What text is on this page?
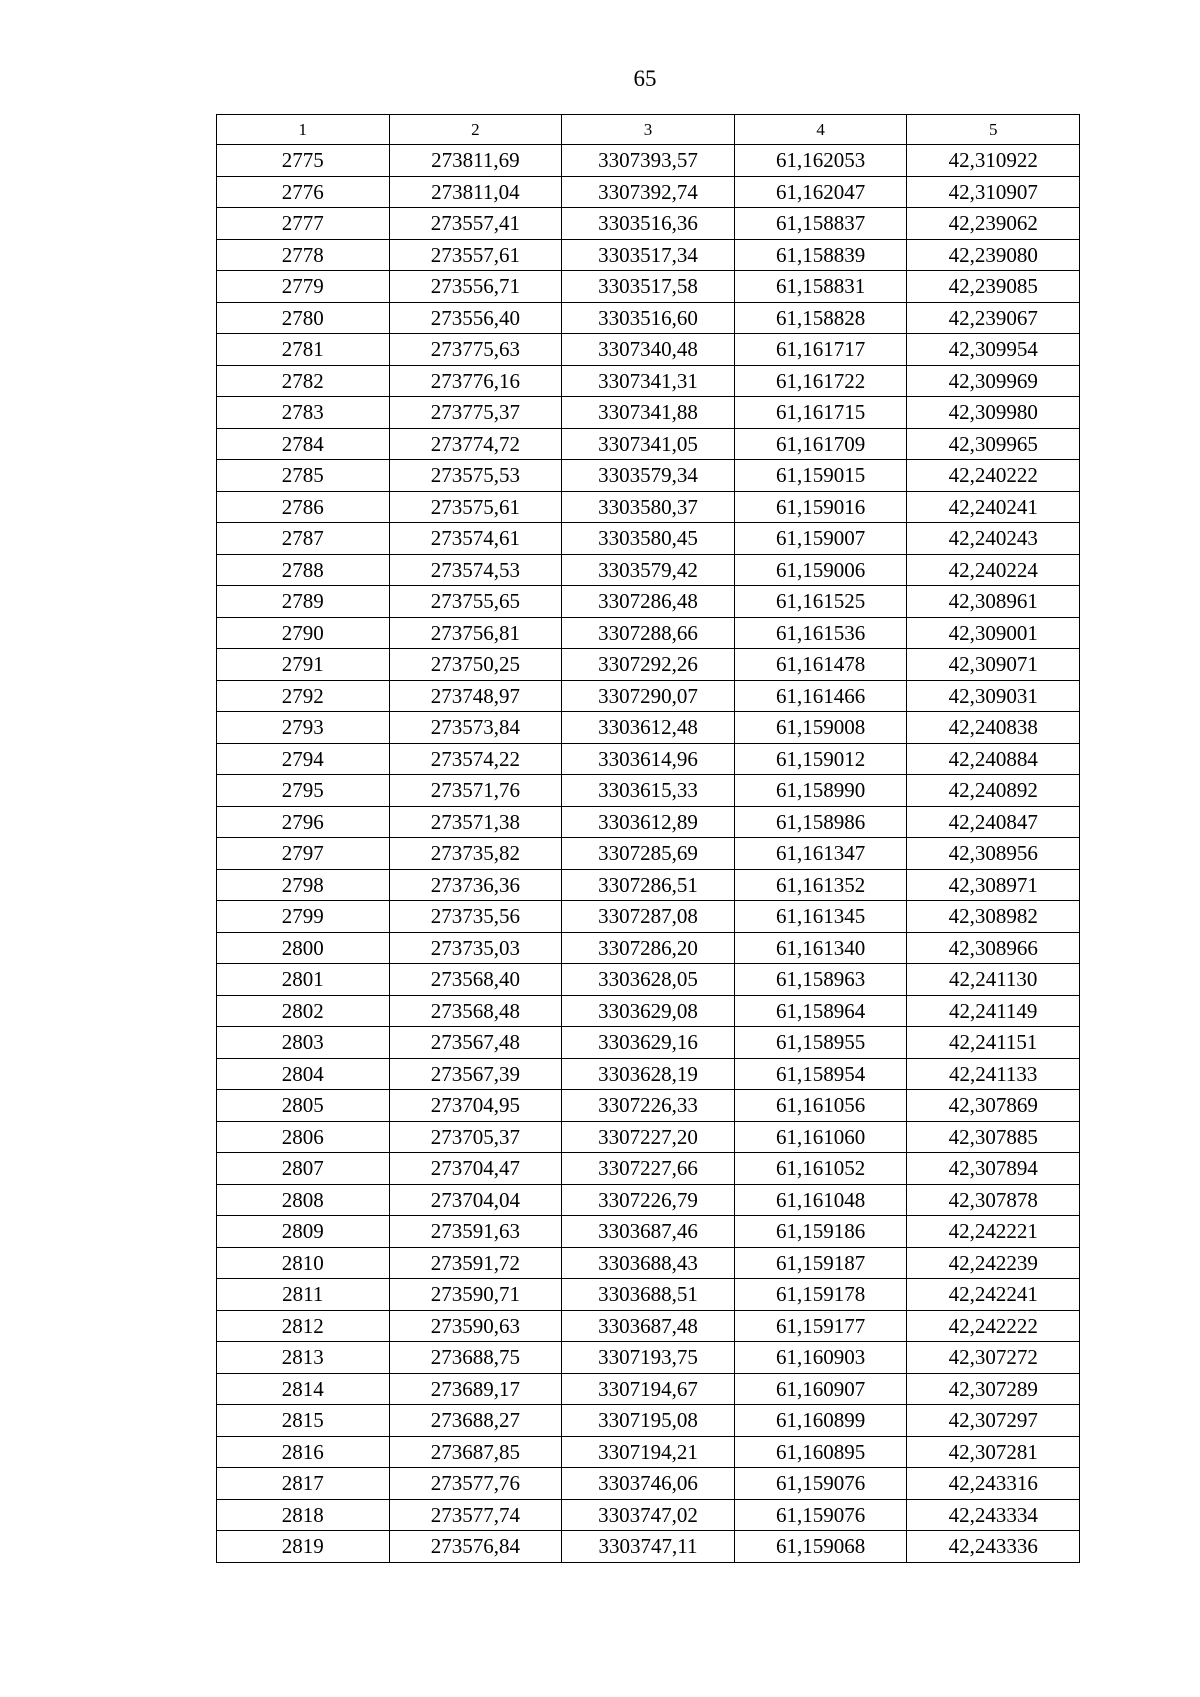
65
1	2	3	4	5
2775	273811,69	3307393,57	61,162053	42,310922
2776	273811,04	3307392,74	61,162047	42,310907
2777	273557,41	3303516,36	61,158837	42,239062
2778	273557,61	3303517,34	61,158839	42,239080
2779	273556,71	3303517,58	61,158831	42,239085
2780	273556,40	3303516,60	61,158828	42,239067
2781	273775,63	3307340,48	61,161717	42,309954
2782	273776,16	3307341,31	61,161722	42,309969
2783	273775,37	3307341,88	61,161715	42,309980
2784	273774,72	3307341,05	61,161709	42,309965
2785	273575,53	3303579,34	61,159015	42,240222
2786	273575,61	3303580,37	61,159016	42,240241
2787	273574,61	3303580,45	61,159007	42,240243
2788	273574,53	3303579,42	61,159006	42,240224
2789	273755,65	3307286,48	61,161525	42,308961
2790	273756,81	3307288,66	61,161536	42,309001
2791	273750,25	3307292,26	61,161478	42,309071
2792	273748,97	3307290,07	61,161466	42,309031
2793	273573,84	3303612,48	61,159008	42,240838
2794	273574,22	3303614,96	61,159012	42,240884
2795	273571,76	3303615,33	61,158990	42,240892
2796	273571,38	3303612,89	61,158986	42,240847
2797	273735,82	3307285,69	61,161347	42,308956
2798	273736,36	3307286,51	61,161352	42,308971
2799	273735,56	3307287,08	61,161345	42,308982
2800	273735,03	3307286,20	61,161340	42,308966
2801	273568,40	3303628,05	61,158963	42,241130
2802	273568,48	3303629,08	61,158964	42,241149
2803	273567,48	3303629,16	61,158955	42,241151
2804	273567,39	3303628,19	61,158954	42,241133
2805	273704,95	3307226,33	61,161056	42,307869
2806	273705,37	3307227,20	61,161060	42,307885
2807	273704,47	3307227,66	61,161052	42,307894
2808	273704,04	3307226,79	61,161048	42,307878
2809	273591,63	3303687,46	61,159186	42,242221
2810	273591,72	3303688,43	61,159187	42,242239
2811	273590,71	3303688,51	61,159178	42,242241
2812	273590,63	3303687,48	61,159177	42,242222
2813	273688,75	3307193,75	61,160903	42,307272
2814	273689,17	3307194,67	61,160907	42,307289
2815	273688,27	3307195,08	61,160899	42,307297
2816	273687,85	3307194,21	61,160895	42,307281
2817	273577,76	3303746,06	61,159076	42,243316
2818	273577,74	3303747,02	61,159076	42,243334
2819	273576,84	3303747,11	61,159068	42,243336
